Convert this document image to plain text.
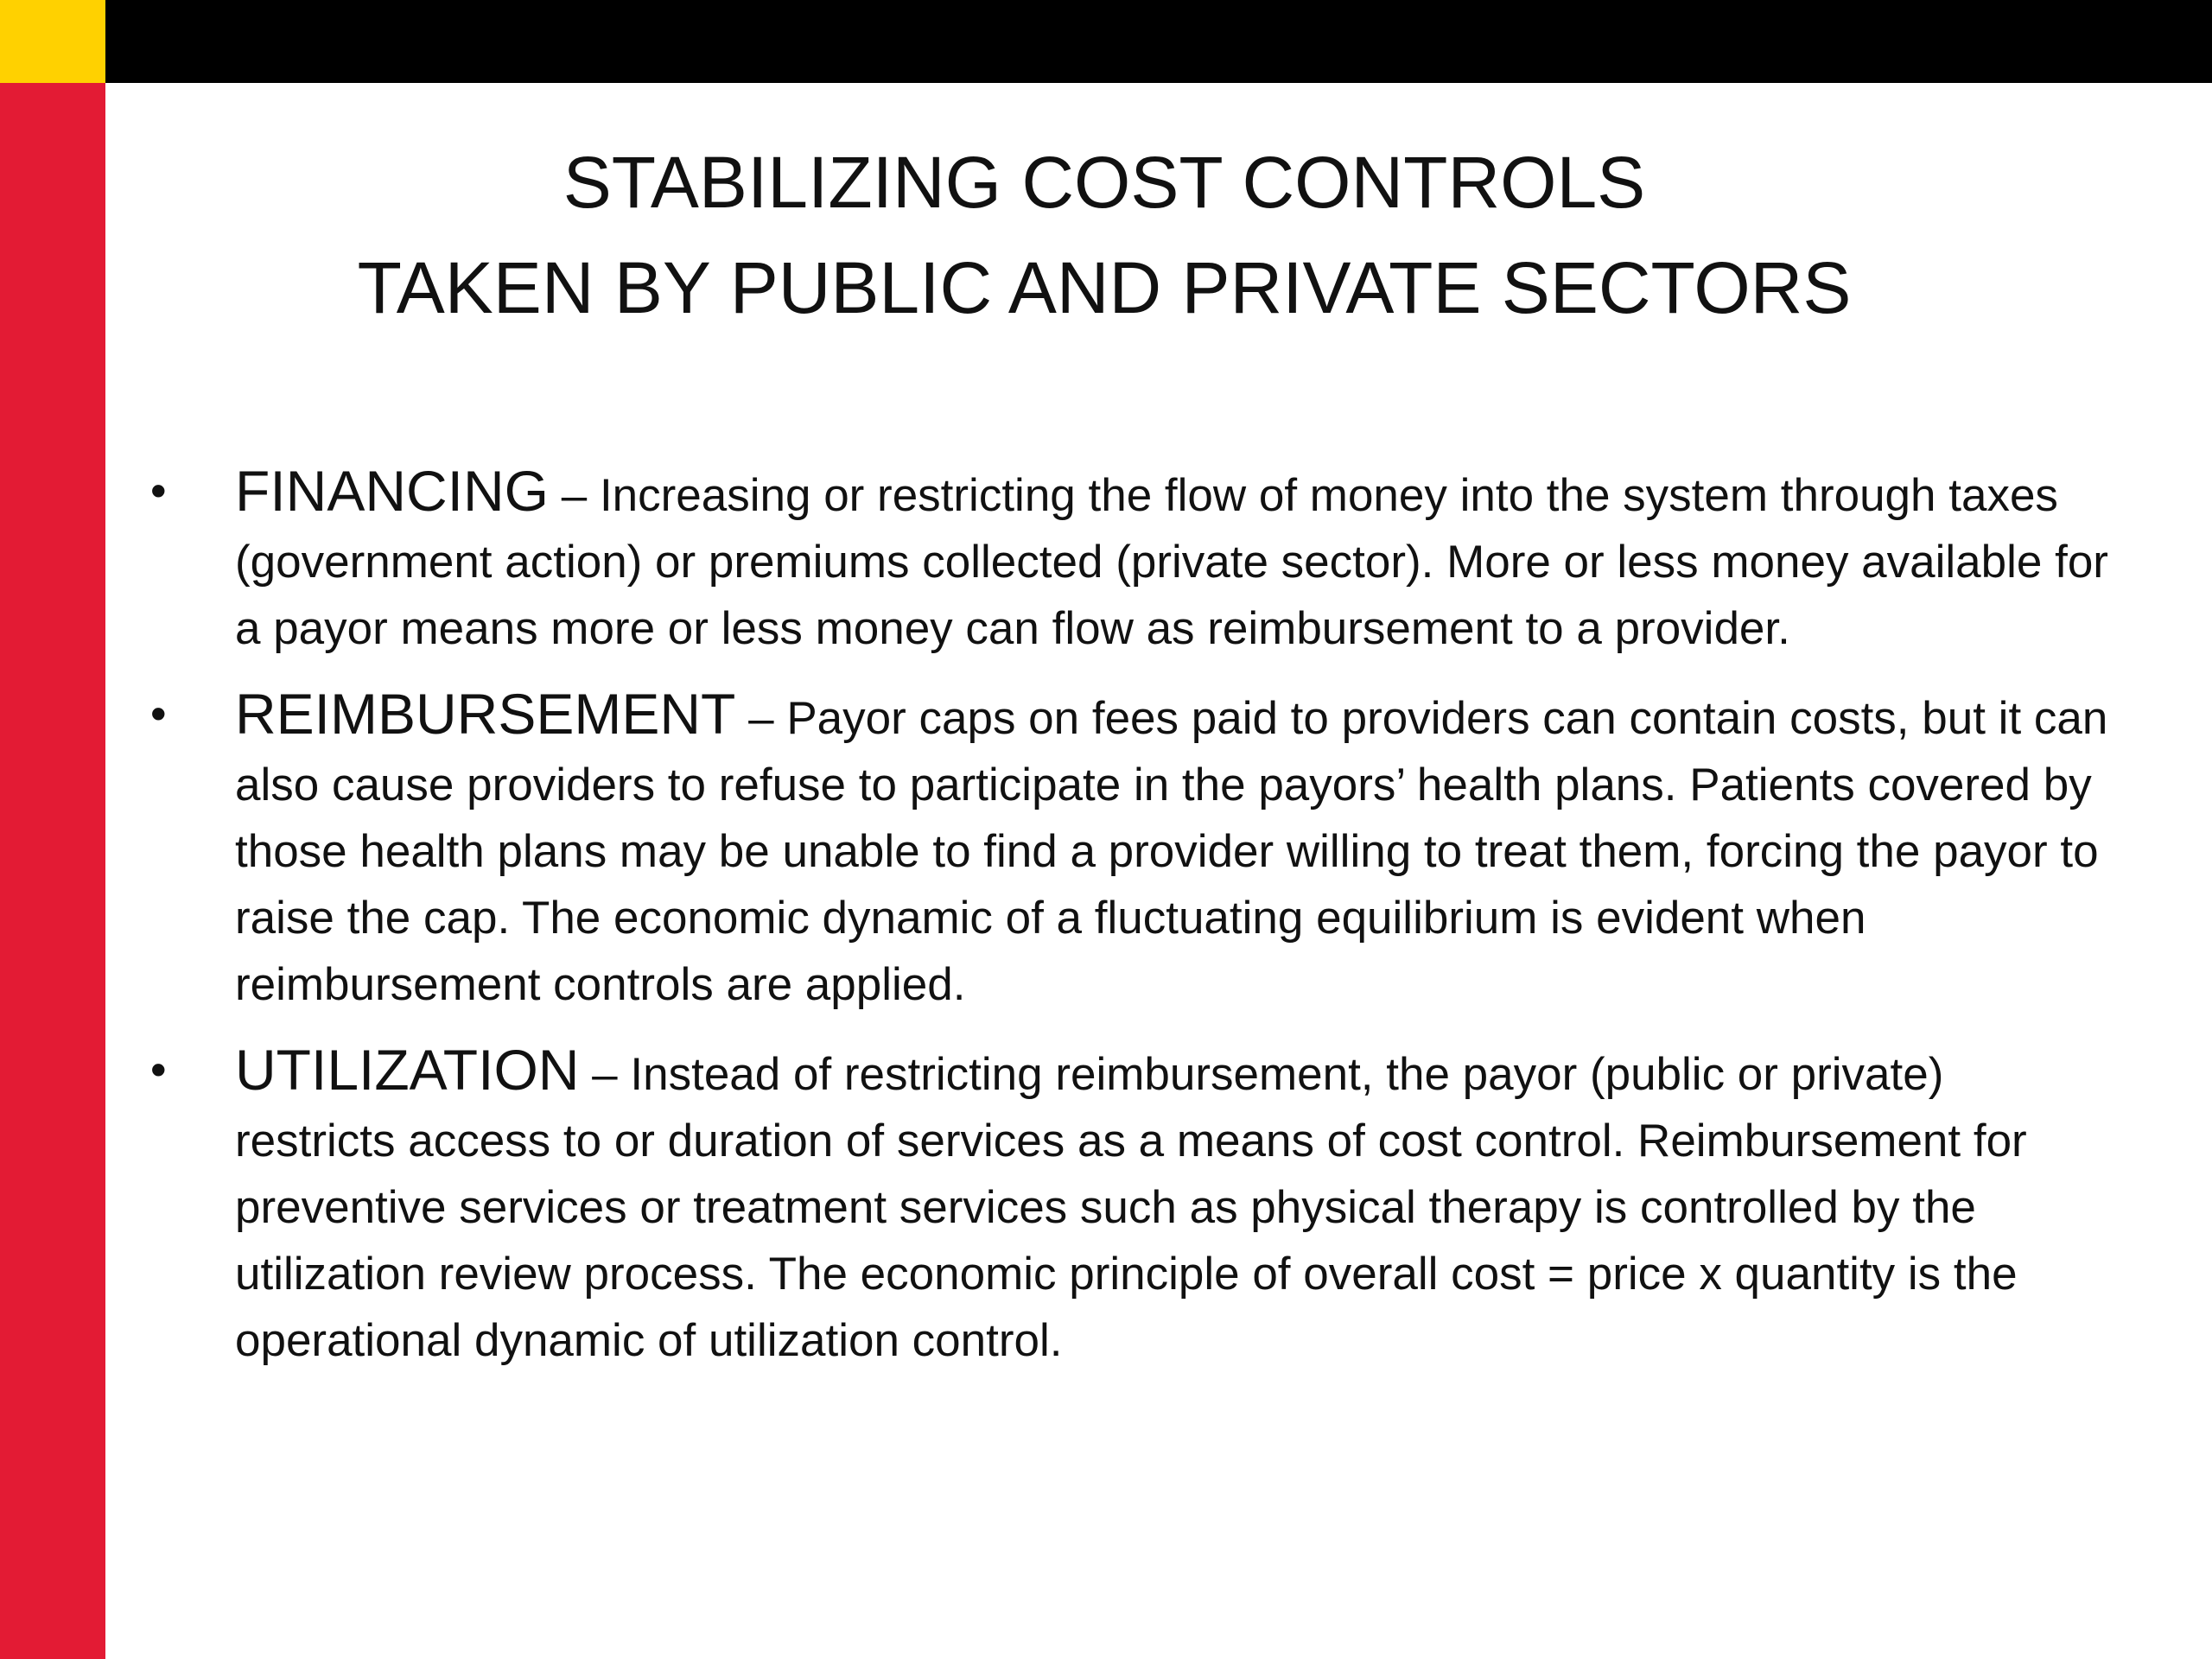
STABILIZING COST CONTROLS
TAKEN BY PUBLIC AND PRIVATE SECTORS
• FINANCING – Increasing or restricting the flow of money into the system through taxes (government action) or premiums collected (private sector). More or less money available for a payor means more or less money can flow as reimbursement to a provider.
• REIMBURSEMENT – Payor caps on fees paid to providers can contain costs, but it can also cause providers to refuse to participate in the payors’ health plans. Patients covered by those health plans may be unable to find a provider willing to treat them, forcing the payor to raise the cap. The economic dynamic of a fluctuating equilibrium is evident when reimbursement controls are applied.
• UTILIZATION – Instead of restricting reimbursement, the payor (public or private) restricts access to or duration of services as a means of cost control. Reimbursement for preventive services or treatment services such as physical therapy is controlled by the utilization review process. The economic principle of overall cost = price x quantity is the operational dynamic of utilization control.
